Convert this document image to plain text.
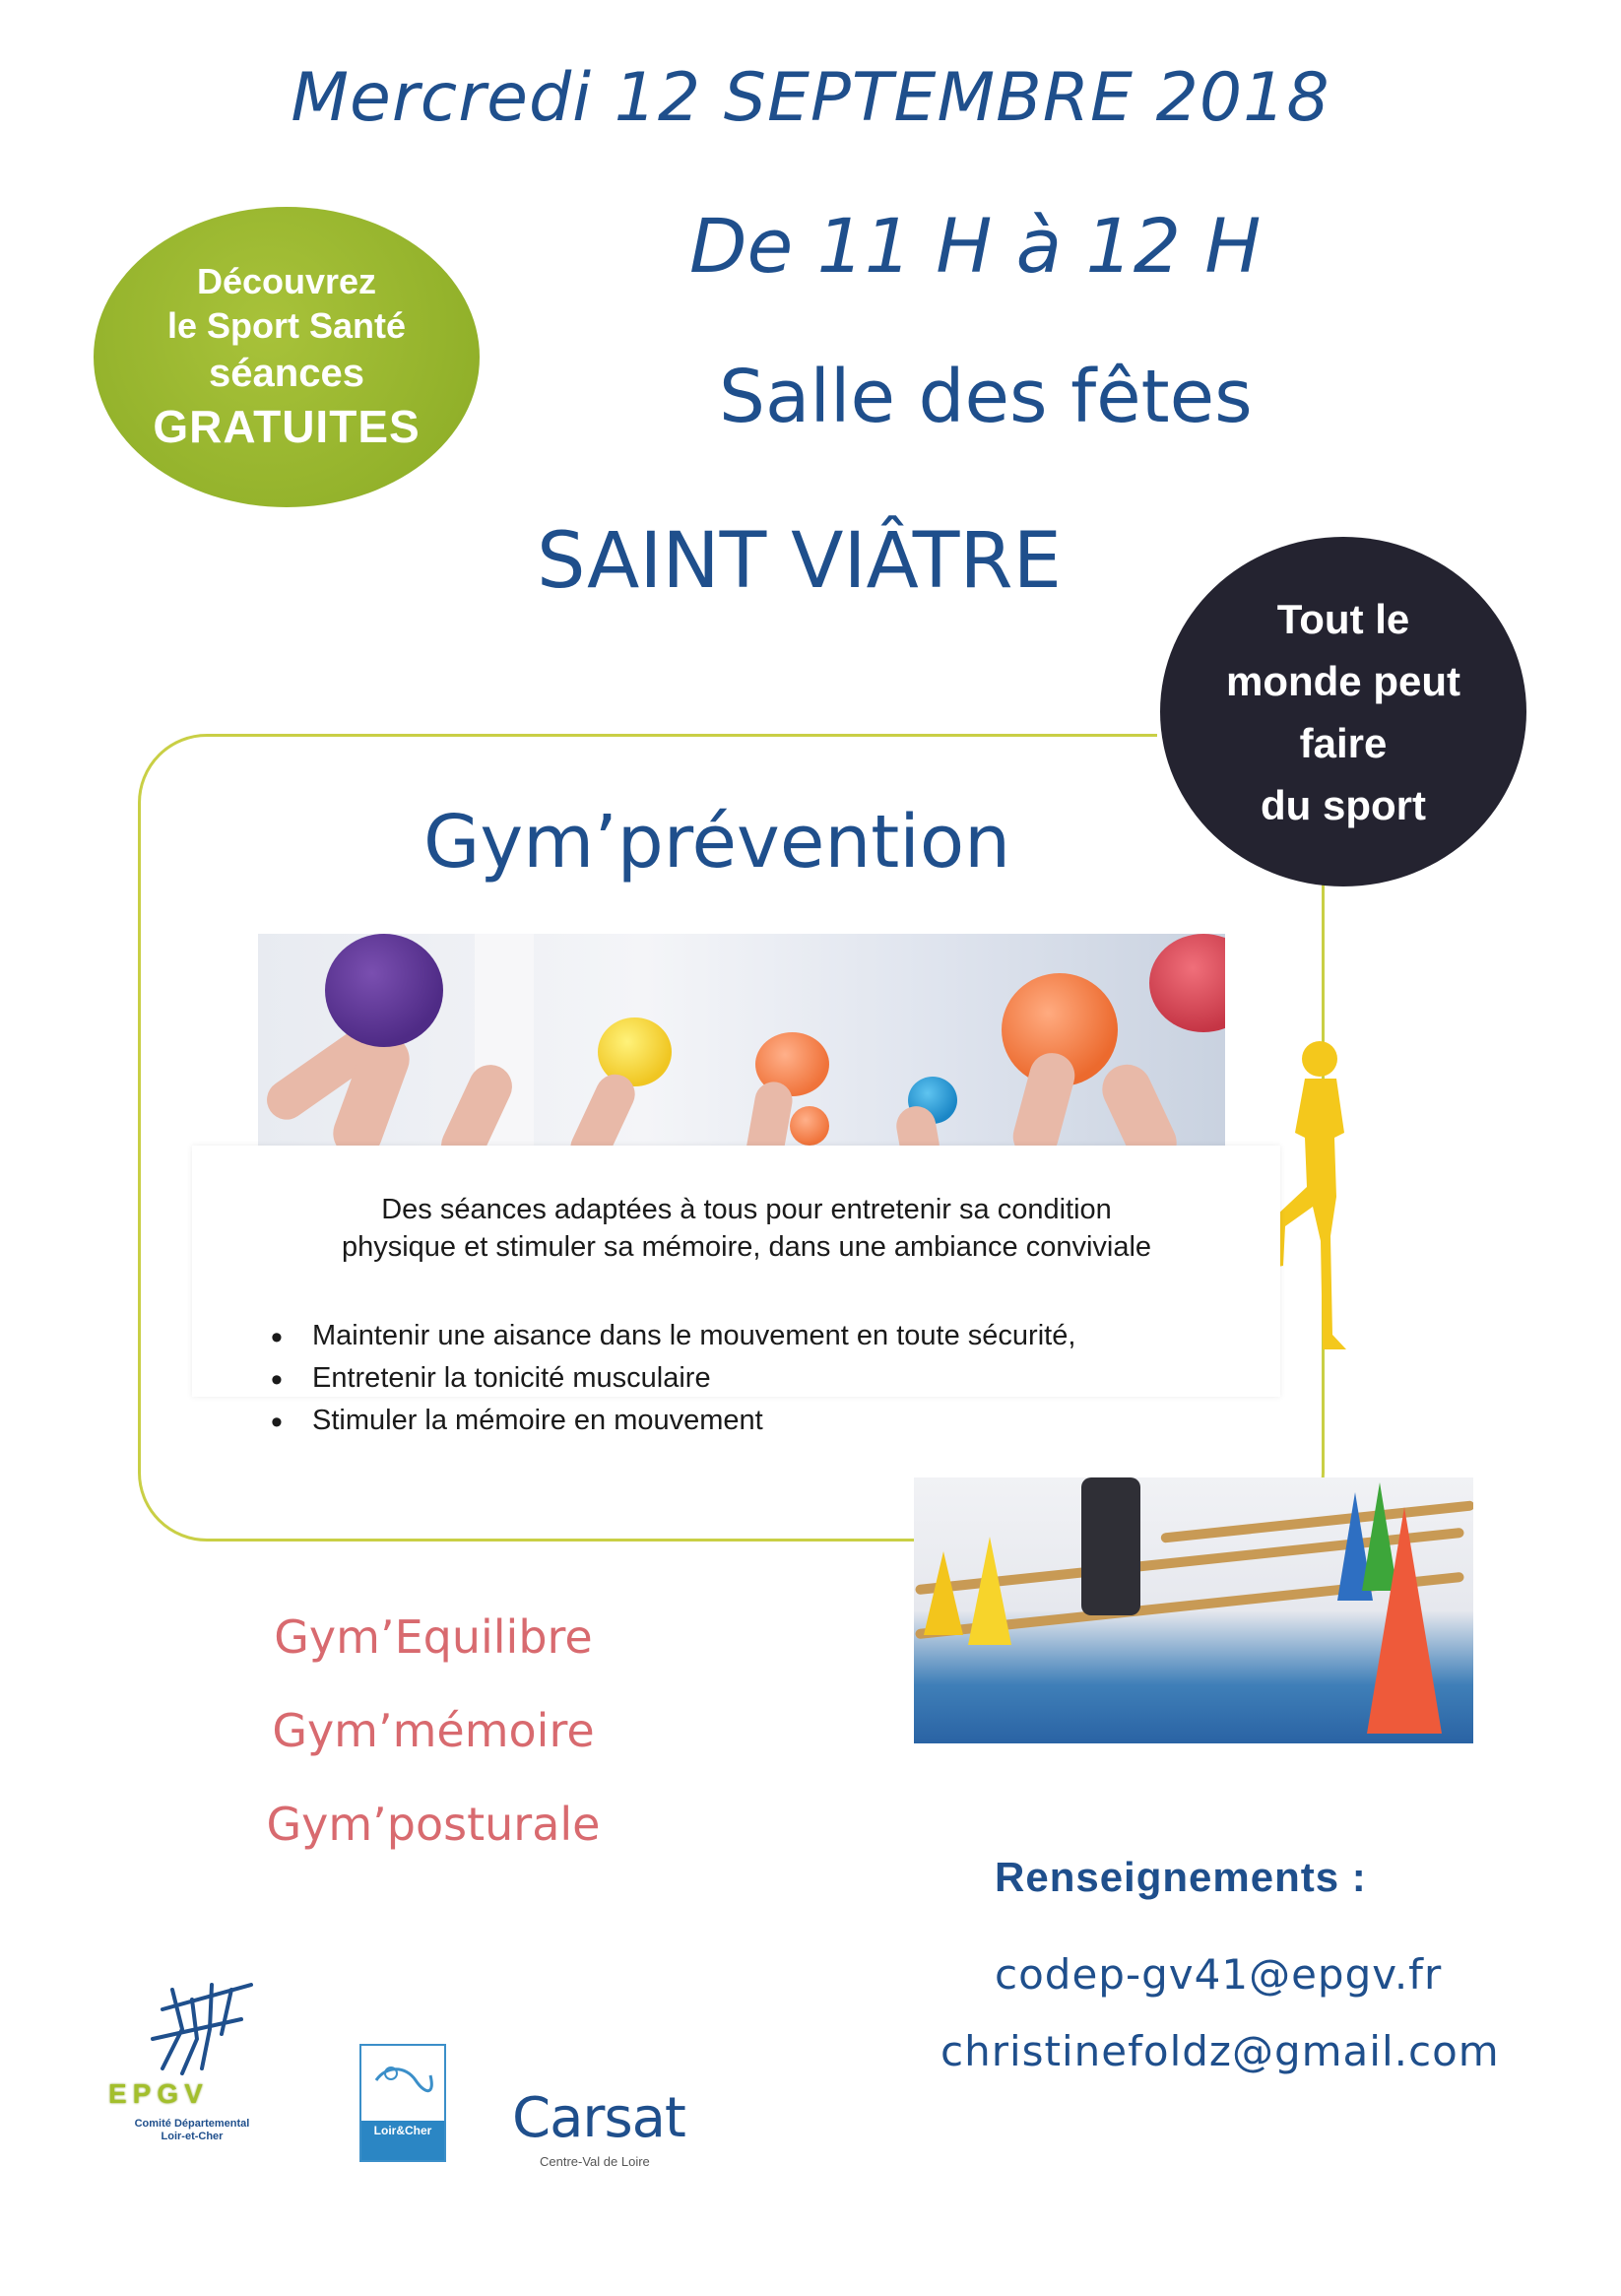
Mercredi 12 SEPTEMBRE 2018
De 11 H à 12 H
Salle des fêtes
SAINT VIÂTRE
Découvrez
le Sport Santé
séances
GRATUITES
Tout le
monde peut
faire
du sport
Gym’prévention
Des séances adaptées à tous pour entretenir sa condition
physique et stimuler sa mémoire, dans une ambiance conviviale
• Maintenir une aisance dans le mouvement en toute sécurité,
• Entretenir la tonicité musculaire
• Stimuler la mémoire en mouvement
Gym’Equilibre
Gym’mémoire
Gym’posturale
Renseignements :
codep-gv41@epgv.fr
christinefoldz@gmail.com
EPGV
Comité Départemental
Loir-et-Cher	Loir&Cher Carsat
Centre-Val de Loire
